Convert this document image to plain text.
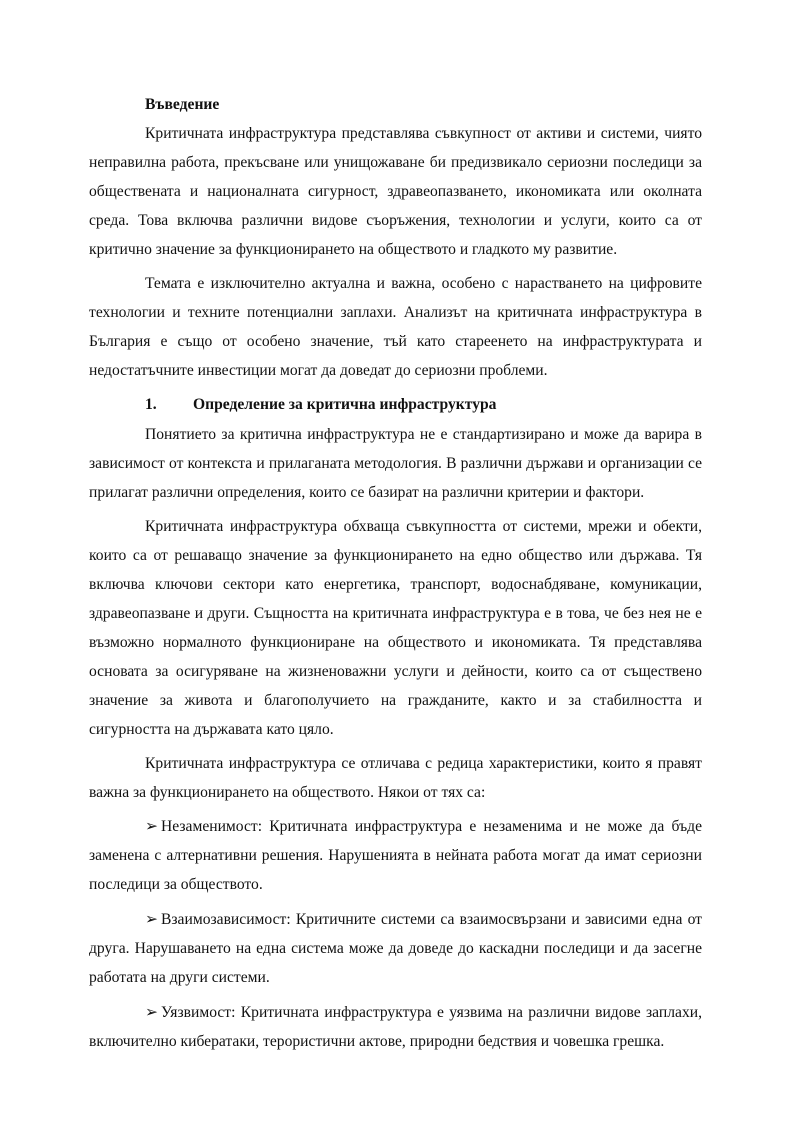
Въведение

Критичната инфраструктура представлява съвкупност от активи и системи, чиято неправилна работа, прекъсване или унищожаване би предизвикало сериозни последици за обществената и националната сигурност, здравеопазването, икономиката или околната среда. Това включва различни видове съоръжения, технологии и услуги, които са от критично значение за функционирането на обществото и гладкото му развитие.

Темата е изключително актуална и важна, особено с нарастването на цифровите технологии и техните потенциални заплахи. Анализът на критичната инфраструктура в България е също от особено значение, тъй като стареенето на инфраструктурата и недостатъчните инвестиции могат да доведат до сериозни проблеми.

1. Определение за критична инфраструктура

Понятието за критична инфраструктура не е стандартизирано и може да варира в зависимост от контекста и прилаганата методология. В различни държави и организации се прилагат различни определения, които се базират на различни критерии и фактори.

Критичната инфраструктура обхваща съвкупността от системи, мрежи и обекти, които са от решаващо значение за функционирането на едно общество или държава. Тя включва ключови сектори като енергетика, транспорт, водоснабдяване, комуникации, здравеопазване и други. Същността на критичната инфраструктура е в това, че без нея не е възможно нормалното функциониране на обществото и икономиката. Тя представлява основата за осигуряване на жизненоважни услуги и дейности, които са от съществено значение за живота и благополучието на гражданите, както и за стабилността и сигурността на държавата като цяло.

Критичната инфраструктура се отличава с редица характеристики, които я правят важна за функционирането на обществото. Някои от тях са:

➢ Незаменимост: Критичната инфраструктура е незаменима и не може да бъде заменена с алтернативни решения. Нарушенията в нейната работа могат да имат сериозни последици за обществото.

➢ Взаимозависимост: Критичните системи са взаимосвързани и зависими една от друга. Нарушаването на една система може да доведе до каскадни последици и да засегне работата на други системи.

➢ Уязвимост: Критичната инфраструктура е уязвима на различни видове заплахи, включително кибератаки, терористични актове, природни бедствия и човешка грешка.
